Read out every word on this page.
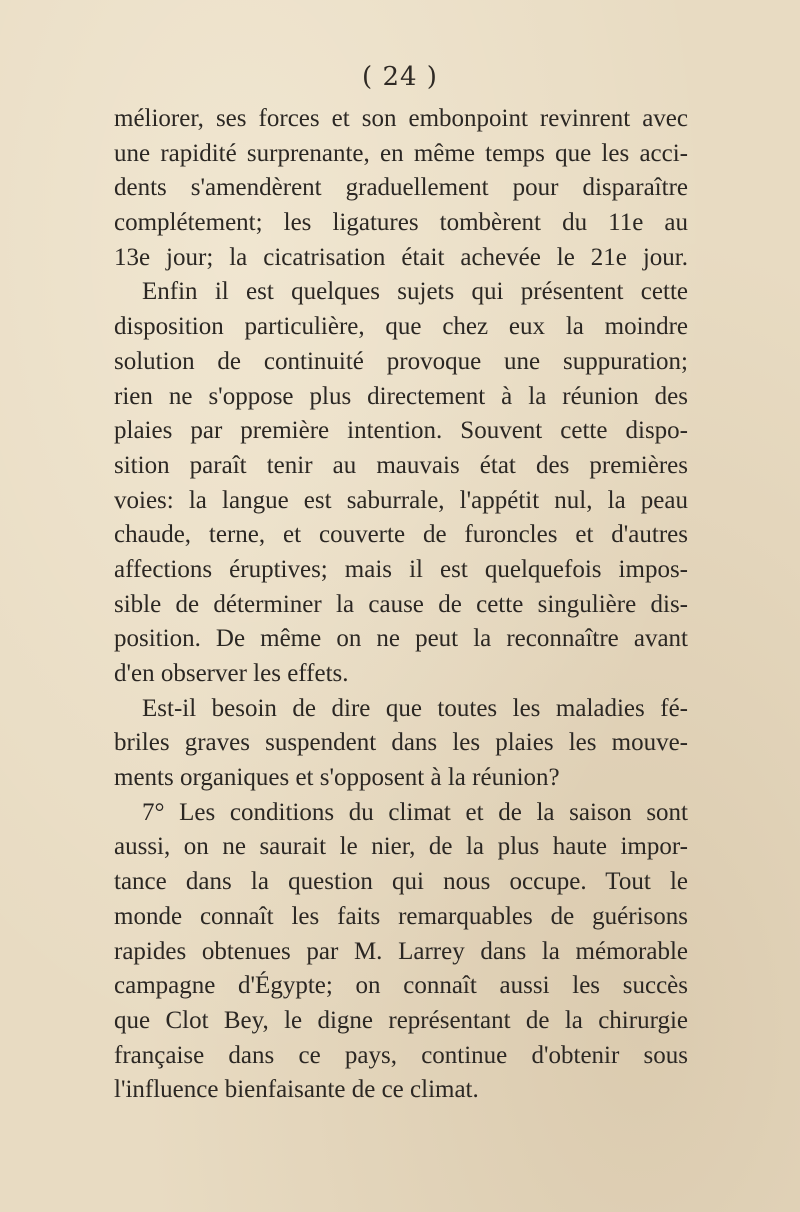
( 24 )

méliorer, ses forces et son embonpoint revinrent avec
une rapidité surprenante, en même temps que les acci-
dents s'amendèrent graduellement pour disparaître
complétement; les ligatures tombèrent du 11e au
13e jour; la cicatrisation était achevée le 21e jour.

Enfin il est quelques sujets qui présentent cette
disposition particulière, que chez eux la moindre
solution de continuité provoque une suppuration;
rien ne s'oppose plus directement à la réunion des
plaies par première intention. Souvent cette dispo-
sition paraît tenir au mauvais état des premières
voies: la langue est saburrale, l'appétit nul, la peau
chaude, terne, et couverte de furoncles et d'autres
affections éruptives; mais il est quelquefois impos-
sible de déterminer la cause de cette singulière dis-
position. De même on ne peut la reconnaître avant
d'en observer les effets.

Est-il besoin de dire que toutes les maladies fé-
briles graves suspendent dans les plaies les mouve-
ments organiques et s'opposent à la réunion?

7° Les conditions du climat et de la saison sont
aussi, on ne saurait le nier, de la plus haute impor-
tance dans la question qui nous occupe. Tout le
monde connaît les faits remarquables de guérisons
rapides obtenues par M. Larrey dans la mémorable
campagne d'Égypte; on connaît aussi les succès
que Clot Bey, le digne représentant de la chirurgie
française dans ce pays, continue d'obtenir sous
l'influence bienfaisante de ce climat.
